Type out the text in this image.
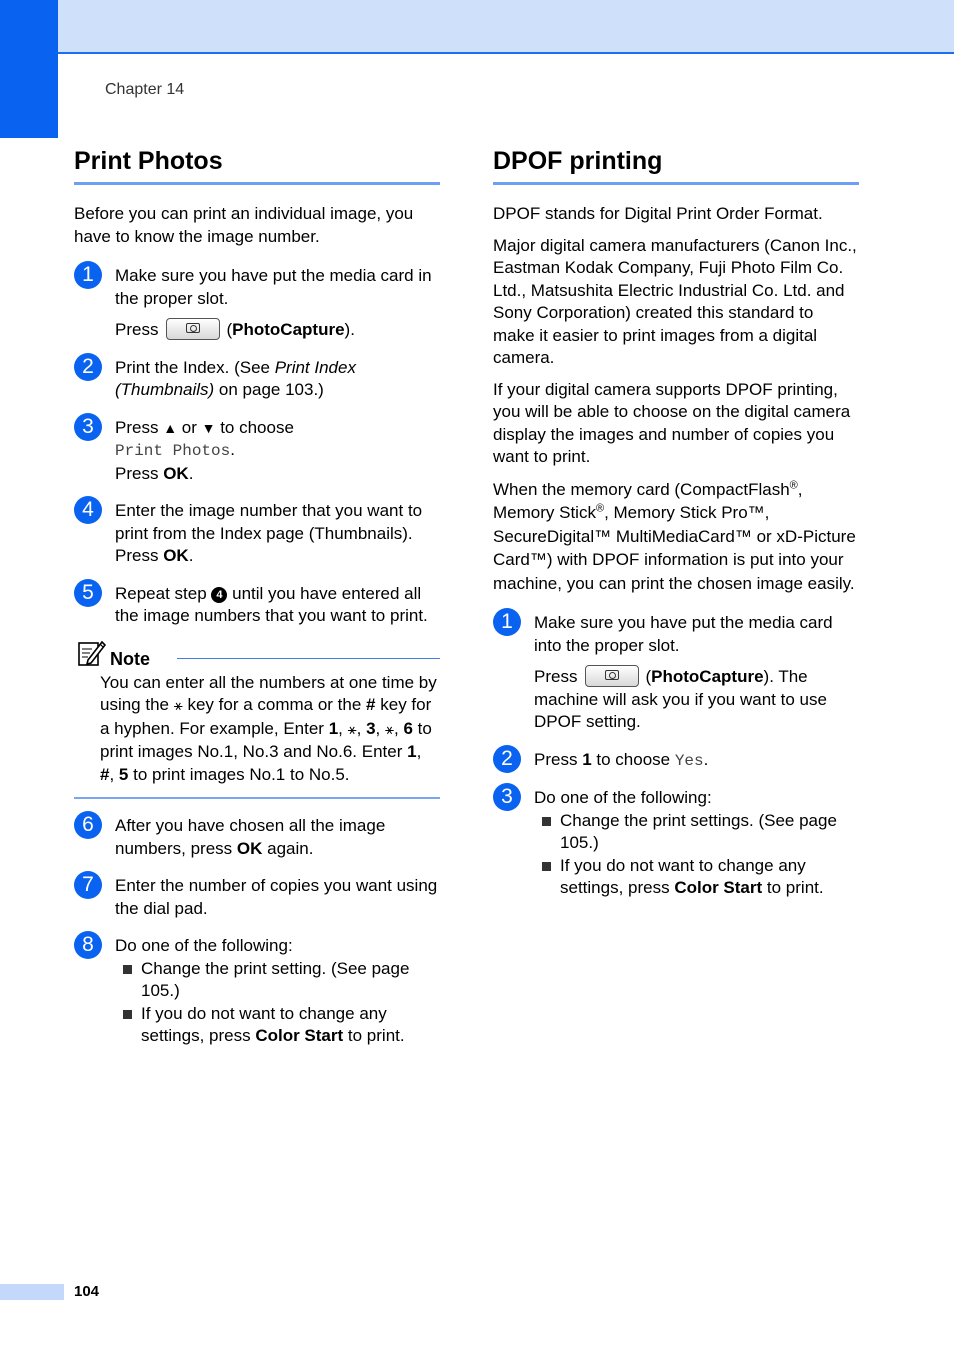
Chapter 14
Print Photos

Before you can print an individual image, you have to know the image number.

1	Make sure you have put the media card in the proper slot.

Press	(PhotoCapture).

2	Print the Index. (See Print Index (Thumbnails) on page 103.)

3	Press ▲ or ▼ to choose
Print Photos.
Press OK.

4	Enter the image number that you want to print from the Index page (Thumbnails). Press OK.

5	Repeat step 4 until you have entered all the image numbers that you want to print.

Note

You can enter all the numbers at one time by using the ⚹ key for a comma or the # key for a hyphen. For example, Enter 1, ⚹, 3, ⚹, 6 to print images No.1, No.3 and No.6. Enter 1, #, 5 to print images No.1 to No.5.

6	After you have chosen all the image numbers, press OK again.

7	Enter the number of copies you want using the dial pad.

8	Do one of the following:

Change the print setting. (See page 105.)
If you do not want to change any settings, press Color Start to print.
DPOF printing

DPOF stands for Digital Print Order Format.

Major digital camera manufacturers (Canon Inc., Eastman Kodak Company, Fuji Photo Film Co. Ltd., Matsushita Electric Industrial Co. Ltd. and Sony Corporation) created this standard to make it easier to print images from a digital camera.

If your digital camera supports DPOF printing, you will be able to choose on the digital camera display the images and number of copies you want to print.

When the memory card (CompactFlash®, Memory Stick®, Memory Stick Pro™, SecureDigital™ MultiMediaCard™ or xD-Picture Card™) with DPOF information is put into your machine, you can print the chosen image easily.

1	Make sure you have put the media card into the proper slot.

Press	(PhotoCapture). The machine will ask you if you want to use DPOF setting.

2	Press 1 to choose Yes.

3	Do one of the following:

Change the print settings. (See page 105.)
If you do not want to change any settings, press Color Start to print.
104
